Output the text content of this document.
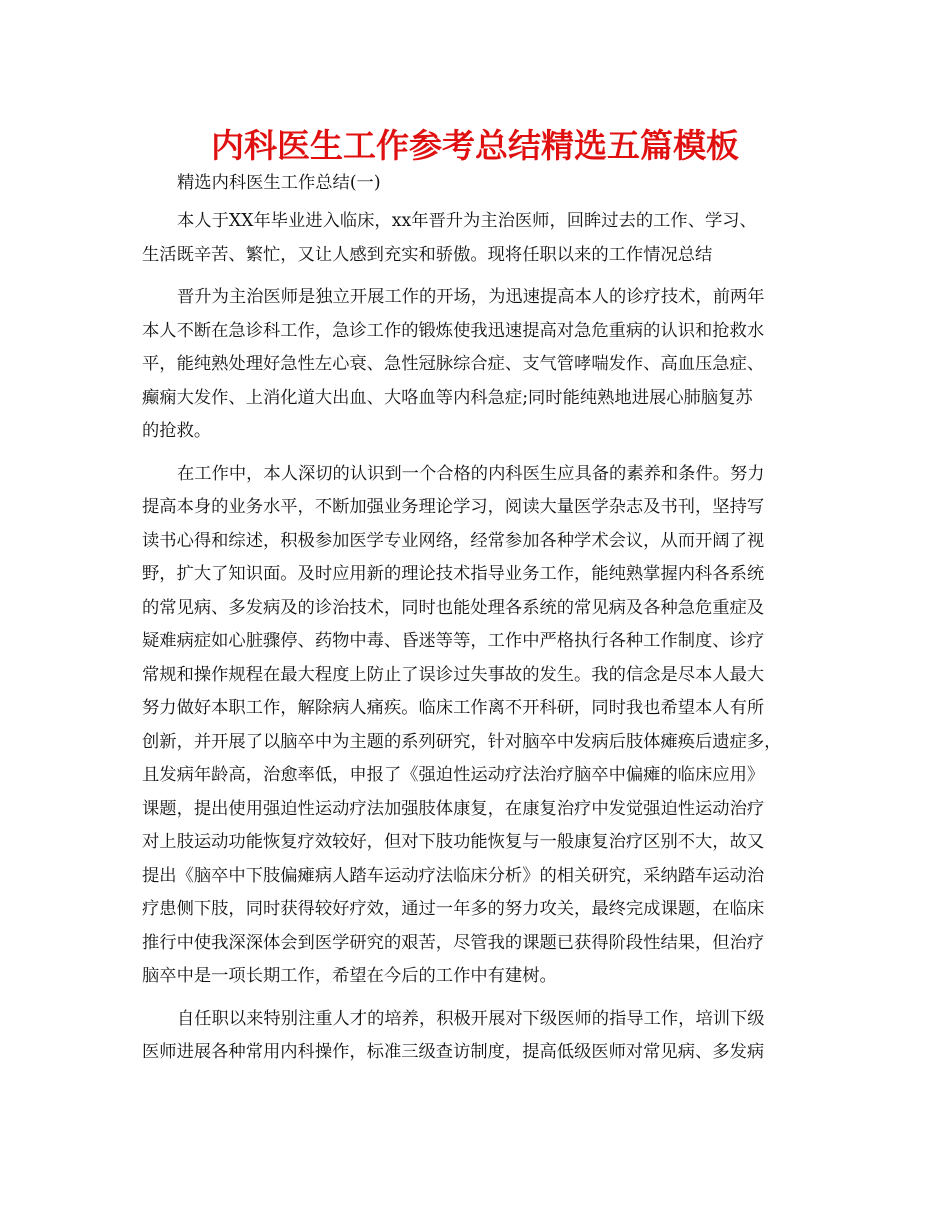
内科医生工作参考总结精选五篇模板
精选内科医生工作总结(一)
本人于XX年毕业进入临床，xx年晋升为主治医师，回眸过去的工作、学习、
生活既辛苦、繁忙，又让人感到充实和骄傲。现将任职以来的工作情况总结
晋升为主治医师是独立开展工作的开场，为迅速提高本人的诊疗技术，前两年
本人不断在急诊科工作，急诊工作的锻炼使我迅速提高对急危重病的认识和抢救水
平，能纯熟处理好急性左心衰、急性冠脉综合症、支气管哮喘发作、高血压急症、
癫痫大发作、上消化道大出血、大咯血等内科急症;同时能纯熟地进展心肺脑复苏
的抢救。
在工作中，本人深切的认识到一个合格的内科医生应具备的素养和条件。努力
提高本身的业务水平，不断加强业务理论学习，阅读大量医学杂志及书刊，坚持写
读书心得和综述，积极参加医学专业网络，经常参加各种学术会议，从而开阔了视
野，扩大了知识面。及时应用新的理论技术指导业务工作，能纯熟掌握内科各系统
的常见病、多发病及的诊治技术，同时也能处理各系统的常见病及各种急危重症及
疑难病症如心脏骤停、药物中毒、昏迷等等，工作中严格执行各种工作制度、诊疗
常规和操作规程在最大程度上防止了误诊过失事故的发生。我的信念是尽本人最大
努力做好本职工作，解除病人痛疾。临床工作离不开科研，同时我也希望本人有所
创新，并开展了以脑卒中为主题的系列研究，针对脑卒中发病后肢体瘫痪后遗症多，
且发病年龄高，治愈率低，申报了《强迫性运动疗法治疗脑卒中偏瘫的临床应用》
课题，提出使用强迫性运动疗法加强肢体康复，在康复治疗中发觉强迫性运动治疗
对上肢运动功能恢复疗效较好，但对下肢功能恢复与一般康复治疗区别不大，故又
提出《脑卒中下肢偏瘫病人踏车运动疗法临床分析》的相关研究，采纳踏车运动治
疗患侧下肢，同时获得较好疗效，通过一年多的努力攻关，最终完成课题，在临床
推行中使我深深体会到医学研究的艰苦，尽管我的课题已获得阶段性结果，但治疗
脑卒中是一项长期工作，希望在今后的工作中有建树。
自任职以来特别注重人才的培养，积极开展对下级医师的指导工作，培训下级
医师进展各种常用内科操作，标准三级查访制度，提高低级医师对常见病、多发病
